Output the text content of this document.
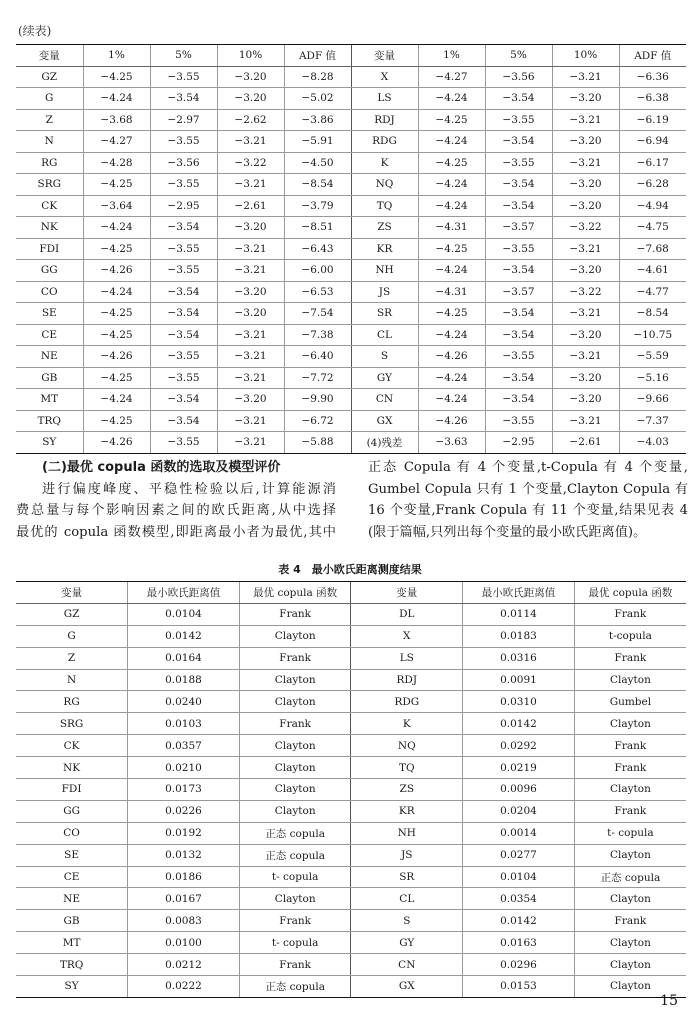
(续表)
变量	1%	5%	10%	ADF 值	变量	1%	5%	10%	ADF 值
GZ	−4.25	−3.55	−3.20	−8.28	X	−4.27	−3.56	−3.21	−6.36
G	−4.24	−3.54	−3.20	−5.02	LS	−4.24	−3.54	−3.20	−6.38
Z	−3.68	−2.97	−2.62	−3.86	RDJ	−4.25	−3.55	−3.21	−6.19
N	−4.27	−3.55	−3.21	−5.91	RDG	−4.24	−3.54	−3.20	−6.94
RG	−4.28	−3.56	−3.22	−4.50	K	−4.25	−3.55	−3.21	−6.17
SRG	−4.25	−3.55	−3.21	−8.54	NQ	−4.24	−3.54	−3.20	−6.28
CK	−3.64	−2.95	−2.61	−3.79	TQ	−4.24	−3.54	−3.20	−4.94
NK	−4.24	−3.54	−3.20	−8.51	ZS	−4.31	−3.57	−3.22	−4.75
FDI	−4.25	−3.55	−3.21	−6.43	KR	−4.25	−3.55	−3.21	−7.68
GG	−4.26	−3.55	−3.21	−6.00	NH	−4.24	−3.54	−3.20	−4.61
CO	−4.24	−3.54	−3.20	−6.53	JS	−4.31	−3.57	−3.22	−4.77
SE	−4.25	−3.54	−3.20	−7.54	SR	−4.25	−3.54	−3.21	−8.54
CE	−4.25	−3.54	−3.21	−7.38	CL	−4.24	−3.54	−3.20	−10.75
NE	−4.26	−3.55	−3.21	−6.40	S	−4.26	−3.55	−3.21	−5.59
GB	−4.25	−3.55	−3.21	−7.72	GY	−4.24	−3.54	−3.20	−5.16
MT	−4.24	−3.54	−3.20	−9.90	CN	−4.24	−3.54	−3.20	−9.66
TRQ	−4.25	−3.54	−3.21	−6.72	GX	−4.26	−3.55	−3.21	−7.37
SY	−4.26	−3.55	−3.21	−5.88	(4)残差	−3.63	−2.95	−2.61	−4.03

(二)最优 copula 函数的选取及模型评价

进行偏度峰度、平稳性检验以后,计算能源消

费总量与每个影响因素之间的欧氏距离,从中选择

最优的 copula 函数模型,即距离最小者为最优,其中

正态 Copula 有 4 个变量,t-Copula 有 4 个变量,

Gumbel Copula 只有 1 个变量,Clayton Copula 有

16 个变量,Frank Copula 有 11 个变量,结果见表 4

(限于篇幅,只列出每个变量的最小欧氏距离值)。

表 4　最小欧氏距离测度结果
变量	最小欧氏距离值	最优 copula 函数	变量	最小欧氏距离值	最优 copula 函数
GZ	0.0104	Frank	DL	0.0114	Frank
G	0.0142	Clayton	X	0.0183	t-copula
Z	0.0164	Frank	LS	0.0316	Frank
N	0.0188	Clayton	RDJ	0.0091	Clayton
RG	0.0240	Clayton	RDG	0.0310	Gumbel
SRG	0.0103	Frank	K	0.0142	Clayton
CK	0.0357	Clayton	NQ	0.0292	Frank
NK	0.0210	Clayton	TQ	0.0219	Frank
FDI	0.0173	Clayton	ZS	0.0096	Clayton
GG	0.0226	Clayton	KR	0.0204	Frank
CO	0.0192	正态 copula	NH	0.0014	t- copula
SE	0.0132	正态 copula	JS	0.0277	Clayton
CE	0.0186	t- copula	SR	0.0104	正态 copula
NE	0.0167	Clayton	CL	0.0354	Clayton
GB	0.0083	Frank	S	0.0142	Frank
MT	0.0100	t- copula	GY	0.0163	Clayton
TRQ	0.0212	Frank	CN	0.0296	Clayton
SY	0.0222	正态 copula	GX	0.0153	Clayton
15
